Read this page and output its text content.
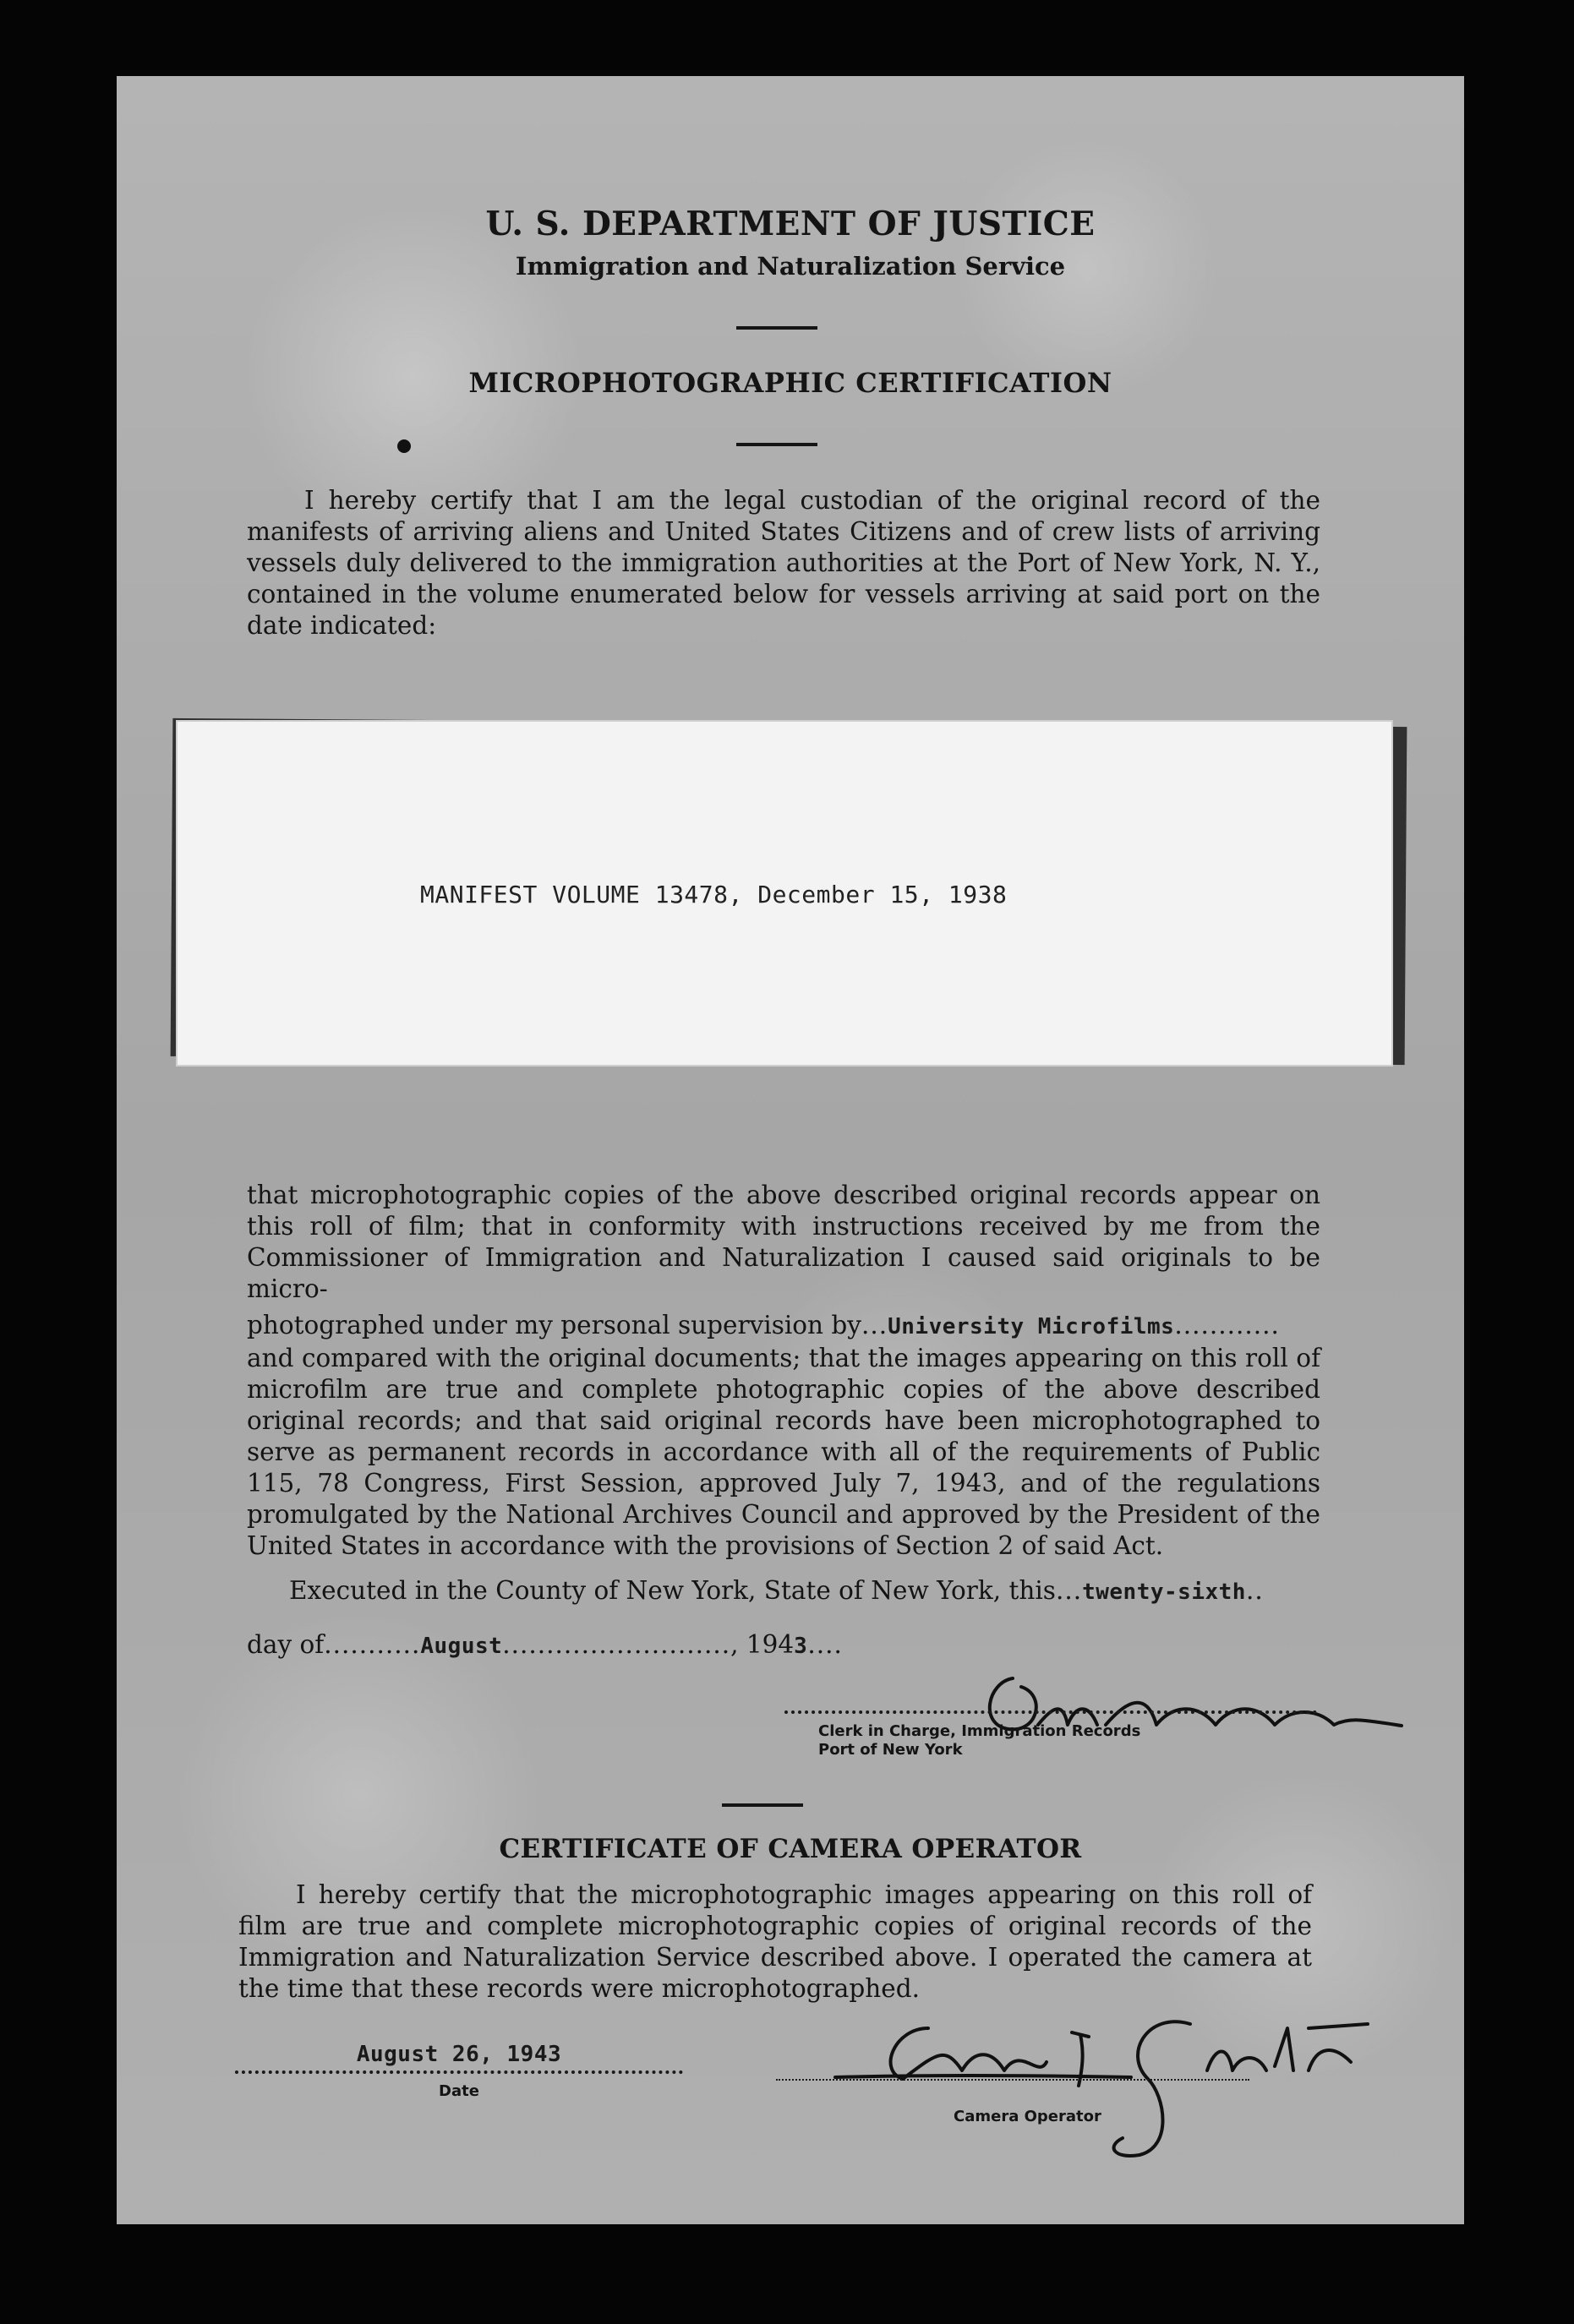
U. S. DEPARTMENT OF JUSTICE
Immigration and Naturalization Service
MICROPHOTOGRAPHIC CERTIFICATION

I hereby certify that I am the legal custodian of the original record of the manifests of arriving aliens and United States Citizens and of crew lists of arriving vessels duly delivered to the immigration authorities at the Port of New York, N. Y., contained in the volume enumerated below for vessels arriving at said port on the date indicated:

MANIFEST VOLUME 13478, December 15, 1938

that microphotographic copies of the above described original records appear on this roll of film; that in conformity with instructions received by me from the Commissioner of Immigration and Naturalization I caused said originals to be micro-

photographed under my personal supervision by...University Microfilms............

and compared with the original documents; that the images appearing on this roll of microfilm are true and complete photographic copies of the above described original records; and that said original records have been microphotographed to serve as permanent records in accordance with all of the requirements of Public 115, 78 Congress, First Session, approved July 7, 1943, and of the regulations promulgated by the National Archives Council and approved by the President of the United States in accordance with the provisions of Section 2 of said Act.

Executed in the County of New York, State of New York, this...twenty-sixth..
day of...........August.........................., 1943....
Clerk in Charge, Immigration Records
Port of New York
CERTIFICATE OF CAMERA OPERATOR

I hereby certify that the microphotographic images appearing on this roll of film are true and complete microphotographic copies of original records of the Immigration and Naturalization Service described above. I operated the camera at the time that these records were microphotographed.

August 26, 1943
Date
Camera Operator
